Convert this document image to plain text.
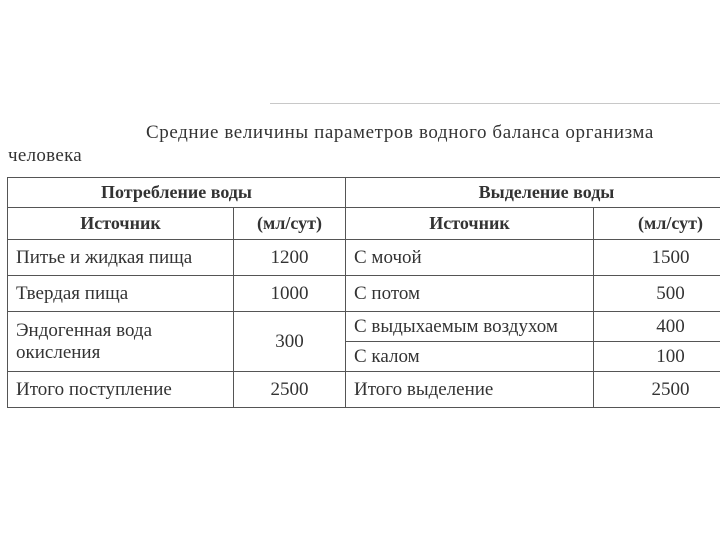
Средние величины параметров водного баланса организма
человека
Потребление воды		Выделение воды	
Источник	(мл/сут)	Источник	(мл/сут)
Питье и жидкая пища	1200	С мочой	1500
Твердая пища	1000	С потом	500
Эндогенная вода окисления	300	С выдыхаемым воздухом	400
		С калом	100
Итого поступление	2500	Итого выделение	2500
